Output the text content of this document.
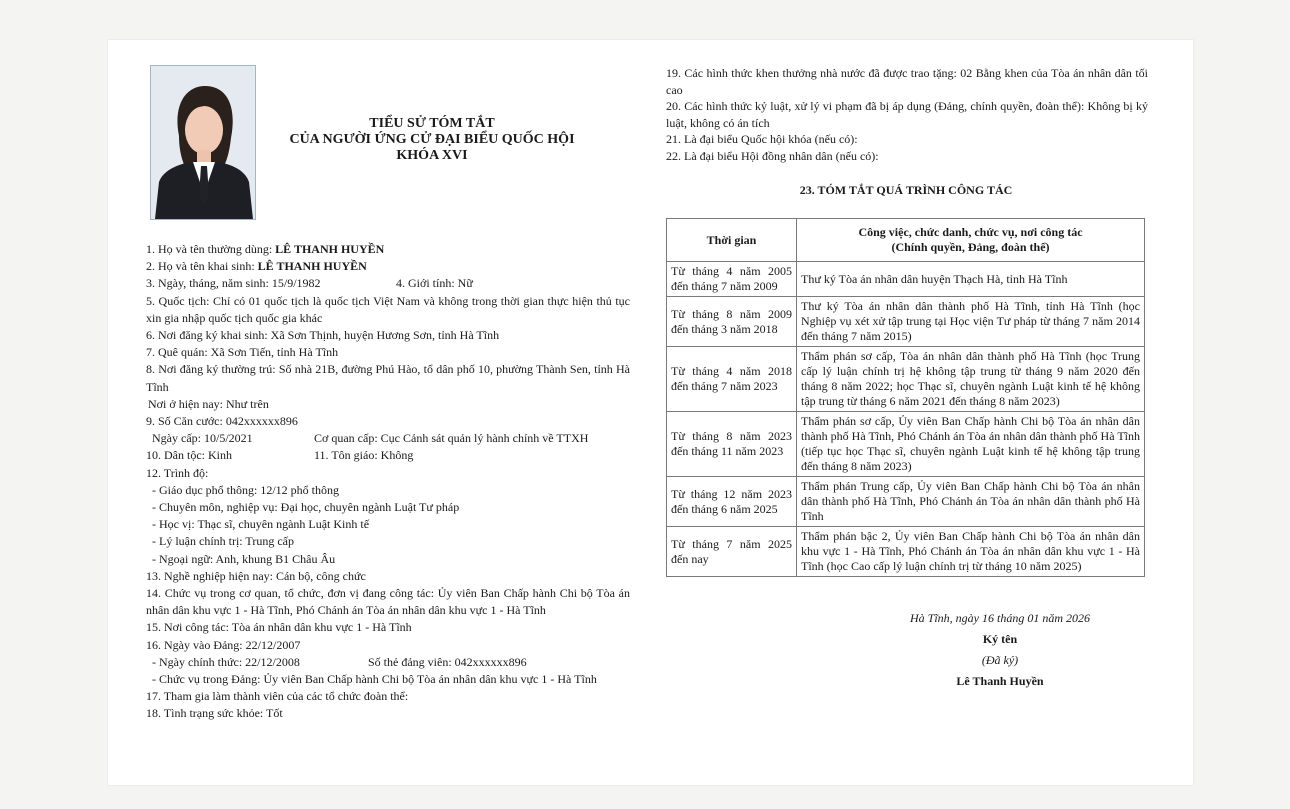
TIỂU SỬ TÓM TẮT
CỦA NGƯỜI ỨNG CỬ ĐẠI BIỂU QUỐC HỘI
KHÓA XVI
1. Họ và tên thường dùng: LÊ THANH HUYỀN
2. Họ và tên khai sinh: LÊ THANH HUYỀN
3. Ngày, tháng, năm sinh: 15/9/1982	4. Giới tính: Nữ
5. Quốc tịch: Chỉ có 01 quốc tịch là quốc tịch Việt Nam và không trong thời gian thực hiện thủ tục xin gia nhập quốc tịch quốc gia khác
6. Nơi đăng ký khai sinh: Xã Sơn Thịnh, huyện Hương Sơn, tỉnh Hà Tĩnh
7. Quê quán: Xã Sơn Tiến, tỉnh Hà Tĩnh
8. Nơi đăng ký thường trú: Số nhà 21B, đường Phú Hào, tổ dân phố 10, phường Thành Sen, tỉnh Hà Tĩnh
Nơi ở hiện nay: Như trên
9. Số Căn cước: 042xxxxxx896
Ngày cấp: 10/5/2021	Cơ quan cấp: Cục Cảnh sát quản lý hành chính về TTXH
10. Dân tộc: Kinh	11. Tôn giáo: Không
12. Trình độ:
- Giáo dục phổ thông: 12/12 phổ thông
- Chuyên môn, nghiệp vụ: Đại học, chuyên ngành Luật Tư pháp
- Học vị: Thạc sĩ, chuyên ngành Luật Kinh tế
- Lý luận chính trị: Trung cấp
- Ngoại ngữ: Anh, khung B1 Châu Âu
13. Nghề nghiệp hiện nay: Cán bộ, công chức
14. Chức vụ trong cơ quan, tổ chức, đơn vị đang công tác: Ủy viên Ban Chấp hành Chi bộ Tòa án nhân dân khu vực 1 - Hà Tĩnh, Phó Chánh án Tòa án nhân dân khu vực 1 - Hà Tĩnh
15. Nơi công tác: Tòa án nhân dân khu vực 1 - Hà Tĩnh
16. Ngày vào Đảng: 22/12/2007
- Ngày chính thức: 22/12/2008	Số thẻ đảng viên: 042xxxxxx896
- Chức vụ trong Đảng: Ủy viên Ban Chấp hành Chi bộ Tòa án nhân dân khu vực 1 - Hà Tĩnh
17. Tham gia làm thành viên của các tổ chức đoàn thể:
18. Tình trạng sức khỏe: Tốt
19. Các hình thức khen thưởng nhà nước đã được trao tặng: 02 Bằng khen của Tòa án nhân dân tối cao
20. Các hình thức kỷ luật, xử lý vi phạm đã bị áp dụng (Đảng, chính quyền, đoàn thể): Không bị kỷ luật, không có án tích
21. Là đại biểu Quốc hội khóa (nếu có):
22. Là đại biểu Hội đồng nhân dân (nếu có):
23. TÓM TẮT QUÁ TRÌNH CÔNG TÁC
Thời gian	Công việc, chức danh, chức vụ, nơi công tác
(Chính quyền, Đảng, đoàn thể)

Từ tháng 4 năm 2005 đến tháng 7 năm 2009	Thư ký Tòa án nhân dân huyện Thạch Hà, tỉnh Hà Tĩnh
Từ tháng 8 năm 2009 đến tháng 3 năm 2018	Thư ký Tòa án nhân dân thành phố Hà Tĩnh, tỉnh Hà Tĩnh (học Nghiệp vụ xét xử tập trung tại Học viện Tư pháp từ tháng 7 năm 2014 đến tháng 7 năm 2015)
Từ tháng 4 năm 2018 đến tháng 7 năm 2023	Thẩm phán sơ cấp, Tòa án nhân dân thành phố Hà Tĩnh (học Trung cấp lý luận chính trị hệ không tập trung từ tháng 9 năm 2020 đến tháng 8 năm 2022; học Thạc sĩ, chuyên ngành Luật kinh tế hệ không tập trung từ tháng 6 năm 2021 đến tháng 8 năm 2023)
Từ tháng 8 năm 2023 đến tháng 11 năm 2023	Thẩm phán sơ cấp, Ủy viên Ban Chấp hành Chi bộ Tòa án nhân dân thành phố Hà Tĩnh, Phó Chánh án Tòa án nhân dân thành phố Hà Tĩnh (tiếp tục học Thạc sĩ, chuyên ngành Luật kinh tế hệ không tập trung đến tháng 8 năm 2023)
Từ tháng 12 năm 2023 đến tháng 6 năm 2025	Thẩm phán Trung cấp, Ủy viên Ban Chấp hành Chi bộ Tòa án nhân dân thành phố Hà Tĩnh, Phó Chánh án Tòa án nhân dân thành phố Hà Tĩnh
Từ tháng 7 năm 2025 đến nay	Thẩm phán bậc 2, Ủy viên Ban Chấp hành Chi bộ Tòa án nhân dân khu vực 1 - Hà Tĩnh, Phó Chánh án Tòa án nhân dân khu vực 1 - Hà Tĩnh (học Cao cấp lý luận chính trị từ tháng 10 năm 2025)
Hà Tĩnh, ngày 16 tháng 01 năm 2026
Ký tên
(Đã ký)
Lê Thanh Huyền
